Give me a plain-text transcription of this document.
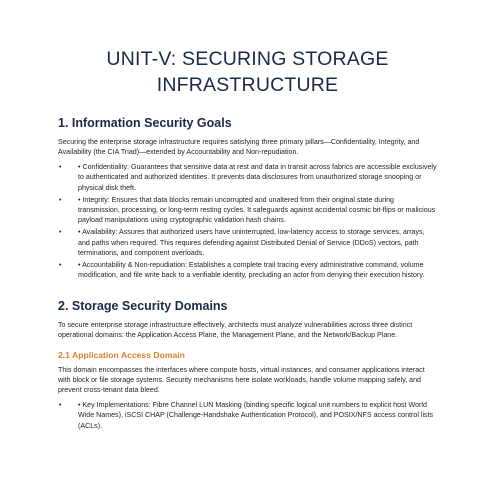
UNIT-V: SECURING STORAGE
INFRASTRUCTURE
1. Information Security Goals

Securing the enterprise storage infrastructure requires satisfying three primary pillars—Confidentiality, Integrity, and Availability (the CIA Triad)—extended by Accountability and Non-repudiation.

• • Confidentiality: Guarantees that sensitive data at rest and data in transit across fabrics are accessible exclusively to authenticated and authorized identities. It prevents data disclosures from unauthorized storage snooping or physical disk theft.
• • Integrity: Ensures that data blocks remain uncorrupted and unaltered from their original state during transmission, processing, or long-term resting cycles. It safeguards against accidental cosmic bit-flips or malicious payload manipulations using cryptographic validation hash chains.
• • Availability: Assures that authorized users have uninterrupted, low-latency access to storage services, arrays, and paths when required. This requires defending against Distributed Denial of Service (DDoS) vectors, path terminations, and component overloads.
• • Accountability & Non-repudiation: Establishes a complete trail tracing every administrative command, volume modification, and file write back to a verifiable identity, precluding an actor from denying their execution history.
2. Storage Security Domains

To secure enterprise storage infrastructure effectively, architects must analyze vulnerabilities across three distinct operational domains: the Application Access Plane, the Management Plane, and the Network/Backup Plane.

2.1 Application Access Domain

This domain encompasses the interfaces where compute hosts, virtual instances, and consumer applications interact with block or file storage systems. Security mechanisms here isolate workloads, handle volume mapping safely, and prevent cross-tenant data bleed.

• • Key Implementations: Fibre Channel LUN Masking (binding specific logical unit numbers to explicit host World Wide Names), iSCSI CHAP (Challenge-Handshake Authentication Protocol), and POSIX/NFS access control lists (ACLs).
